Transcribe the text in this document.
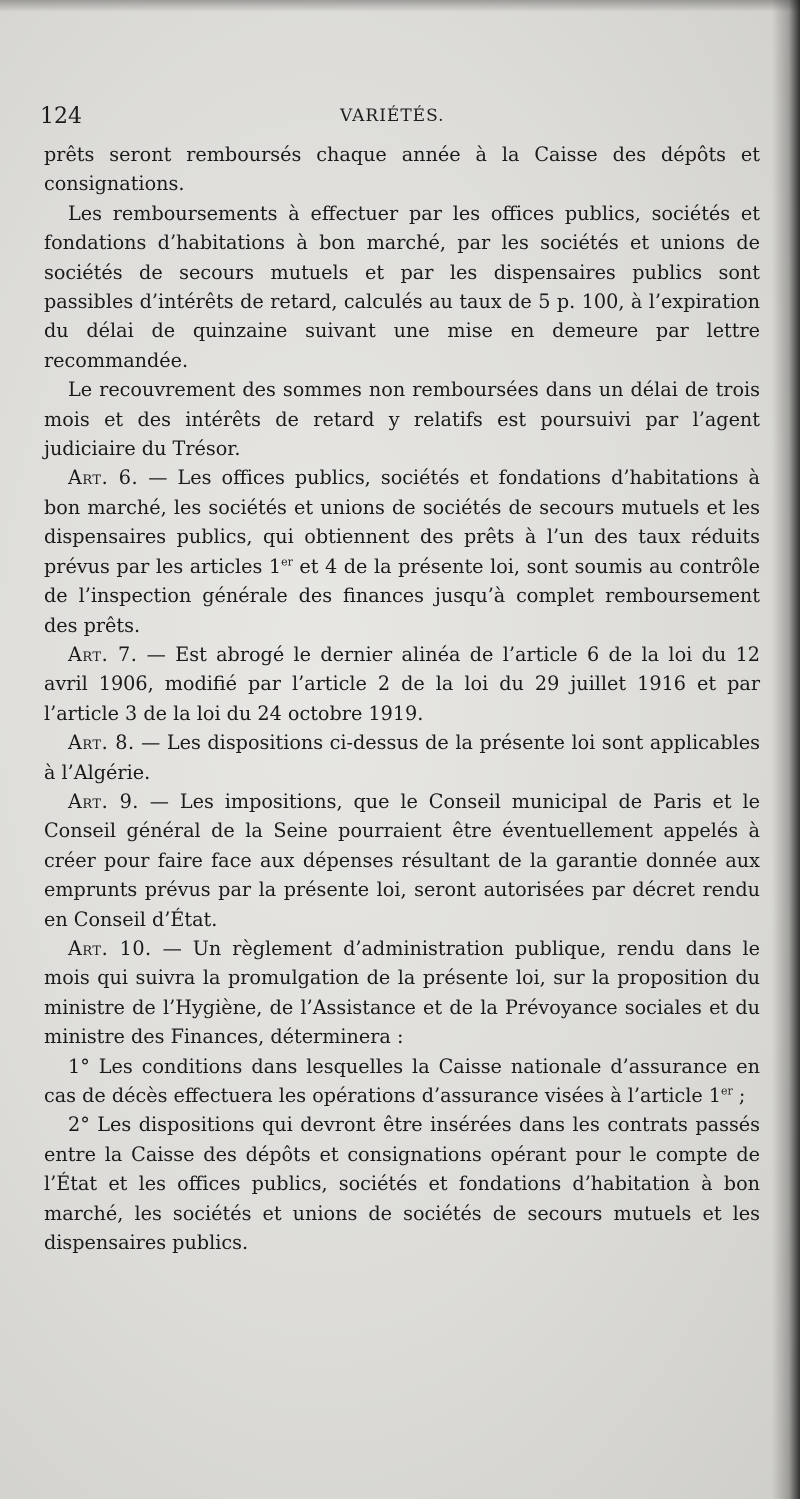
124	VARIÉTÉS.

prêts seront remboursés chaque année à la Caisse des dépôts et consignations.

Les remboursements à effectuer par les offices publics, sociétés et fondations d’habitations à bon marché, par les sociétés et unions de sociétés de secours mutuels et par les dispensaires publics sont passibles d’intérêts de retard, calculés au taux de 5 p. 100, à l’expiration du délai de quinzaine suivant une mise en demeure par lettre recommandée.

Le recouvrement des sommes non remboursées dans un délai de trois mois et des intérêts de retard y relatifs est poursuivi par l’agent judiciaire du Trésor.

Art. 6. — Les offices publics, sociétés et fondations d’habitations à bon marché, les sociétés et unions de sociétés de secours mutuels et les dispensaires publics, qui obtiennent des prêts à l’un des taux réduits prévus par les articles 1er et 4 de la présente loi, sont soumis au contrôle de l’inspection générale des finances jusqu’à complet remboursement des prêts.

Art. 7. — Est abrogé le dernier alinéa de l’article 6 de la loi du 12 avril 1906, modifié par l’article 2 de la loi du 29 juillet 1916 et par l’article 3 de la loi du 24 octobre 1919.

Art. 8. — Les dispositions ci-dessus de la présente loi sont applicables à l’Algérie.

Art. 9. — Les impositions, que le Conseil municipal de Paris et le Conseil général de la Seine pourraient être éventuellement appelés à créer pour faire face aux dépenses résultant de la garantie donnée aux emprunts prévus par la présente loi, seront autorisées par décret rendu en Conseil d’État.

Art. 10. — Un règlement d’administration publique, rendu dans le mois qui suivra la promulgation de la présente loi, sur la proposition du ministre de l’Hygiène, de l’Assistance et de la Prévoyance sociales et du ministre des Finances, déterminera :

1° Les conditions dans lesquelles la Caisse nationale d’assurance en cas de décès effectuera les opérations d’assurance visées à l’article 1er ;

2° Les dispositions qui devront être insérées dans les contrats passés entre la Caisse des dépôts et consignations opérant pour le compte de l’État et les offices publics, sociétés et fondations d’habitation à bon marché, les sociétés et unions de sociétés de secours mutuels et les dispensaires publics.
